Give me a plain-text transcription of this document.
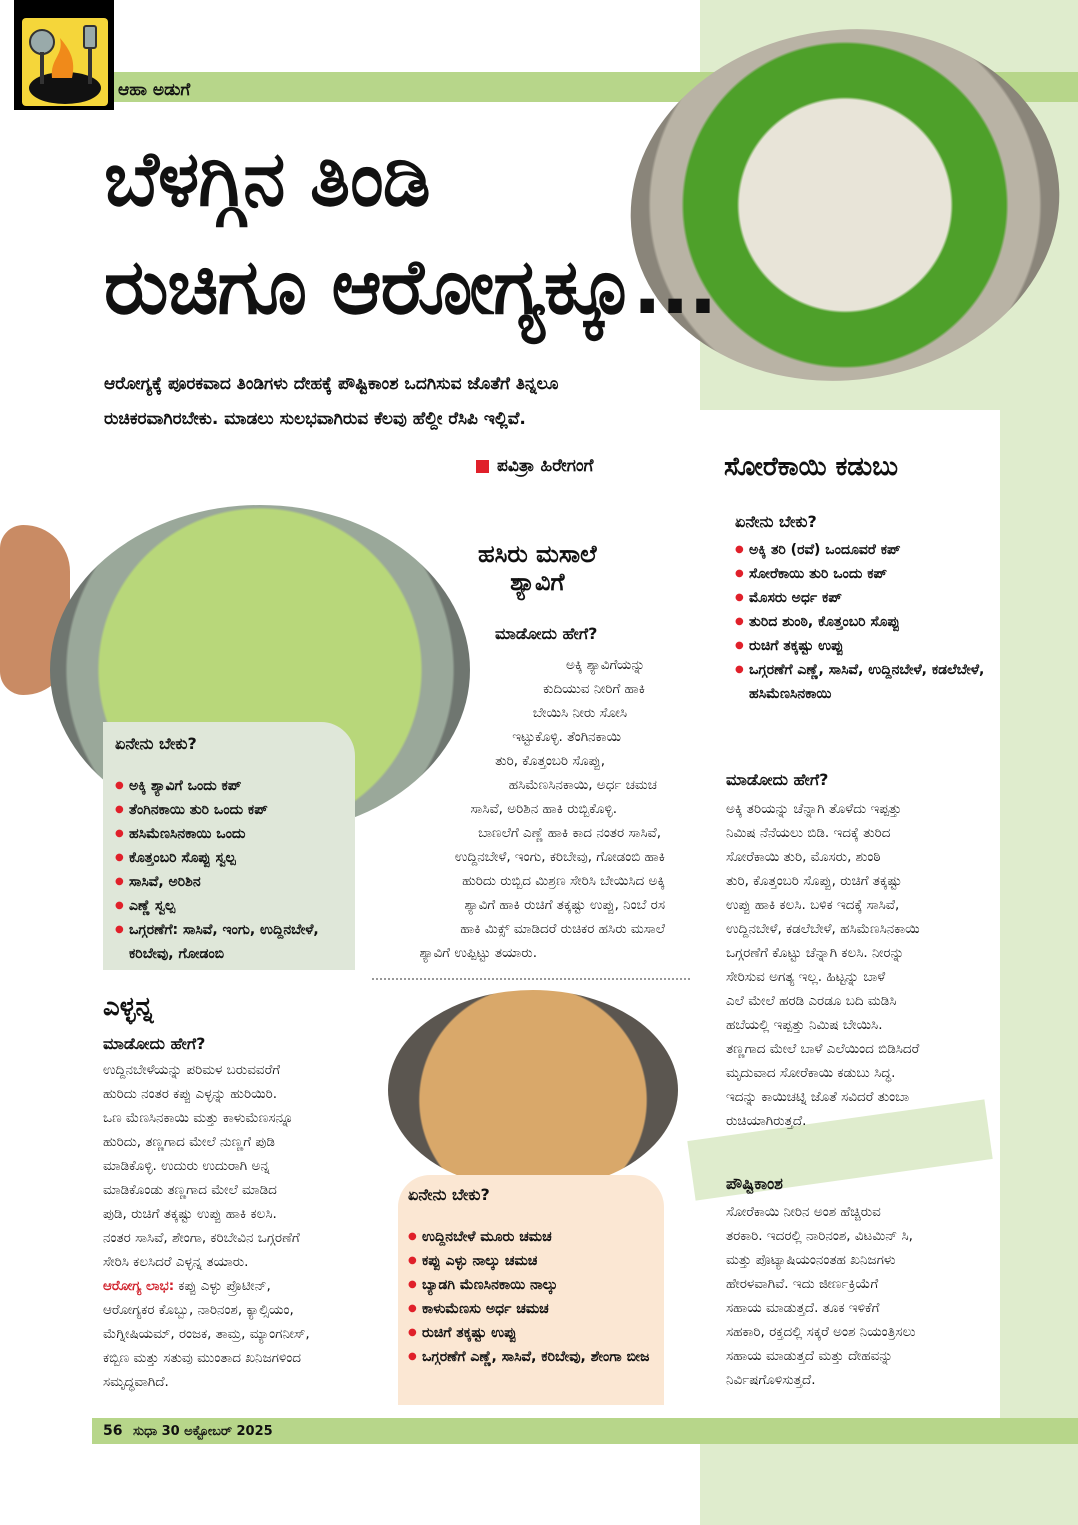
ಆಹಾ ಅಡುಗೆ
ಬೆಳಗ್ಗಿನ ತಿಂಡಿ
ರುಚಿಗೂ ಆರೋಗ್ಯಕ್ಕೂ...
ಆರೋಗ್ಯಕ್ಕೆ ಪೂರಕವಾದ ತಿಂಡಿಗಳು ದೇಹಕ್ಕೆ ಪೌಷ್ಟಿಕಾಂಶ ಒದಗಿಸುವ ಜೊತೆಗೆ ತಿನ್ನಲೂ ರುಚಿಕರವಾಗಿರಬೇಕು. ಮಾಡಲು ಸುಲಭವಾಗಿರುವ ಕೆಲವು ಹೆಲ್ದೀ ರೆಸಿಪಿ ಇಲ್ಲಿವೆ.
ಪವಿತ್ರಾ ಹಿರೇಗಂಗೆ
ಹಸಿರು ಮಸಾಲೆ
ಶ್ಯಾವಿಗೆ
ಮಾಡೋದು ಹೇಗೆ?
ಅಕ್ಕಿ ಶ್ಯಾವಿಗೆಯನ್ನು
ಕುದಿಯುವ ನೀರಿಗೆ ಹಾಕಿ
ಬೇಯಿಸಿ ನೀರು ಸೋಸಿ
ಇಟ್ಟುಕೊಳ್ಳಿ. ತೆಂಗಿನಕಾಯಿ
ತುರಿ, ಕೊತ್ತಂಬರಿ ಸೊಪ್ಪು,
ಹಸಿಮೆಣಸಿನಕಾಯಿ, ಅರ್ಧ ಚಮಚ
ಸಾಸಿವೆ, ಅರಿಶಿನ ಹಾಕಿ ರುಬ್ಬಿಕೊಳ್ಳಿ.
ಬಾಣಲೆಗೆ ಎಣ್ಣೆ ಹಾಕಿ ಕಾದ ನಂತರ ಸಾಸಿವೆ,
ಉದ್ದಿನಬೇಳೆ, ಇಂಗು, ಕರಿಬೇವು, ಗೋಡಂಬಿ ಹಾಕಿ
ಹುರಿದು ರುಬ್ಬಿದ ಮಿಶ್ರಣ ಸೇರಿಸಿ ಬೇಯಿಸಿದ ಅಕ್ಕಿ
ಶ್ಯಾವಿಗೆ ಹಾಕಿ ರುಚಿಗೆ ತಕ್ಕಷ್ಟು ಉಪ್ಪು, ನಿಂಬೆ ರಸ
ಹಾಕಿ ಮಿಕ್ಸ್ ಮಾಡಿದರೆ ರುಚಿಕರ ಹಸಿರು ಮಸಾಲೆ
ಶ್ಯಾವಿಗೆ ಉಪ್ಪಿಟ್ಟು ತಯಾರು.
ಏನೇನು ಬೇಕು?
● ಅಕ್ಕಿ ಶ್ಯಾವಿಗೆ ಒಂದು ಕಪ್
● ತೆಂಗಿನಕಾಯಿ ತುರಿ ಒಂದು ಕಪ್
● ಹಸಿಮೆಣಸಿನಕಾಯಿ ಒಂದು
● ಕೊತ್ತಂಬರಿ ಸೊಪ್ಪು ಸ್ವಲ್ಪ
● ಸಾಸಿವೆ, ಅರಿಶಿನ
● ಎಣ್ಣೆ ಸ್ವಲ್ಪ
● ಒಗ್ಗರಣೆಗೆ: ಸಾಸಿವೆ, ಇಂಗು, ಉದ್ದಿನಬೇಳೆ, ಕರಿಬೇವು, ಗೋಡಂಬಿ
ಎಳ್ಳನ್ನ
ಮಾಡೋದು ಹೇಗೆ?
ಉದ್ದಿನಬೇಳೆಯನ್ನು ಪರಿಮಳ ಬರುವವರೆಗೆ
ಹುರಿದು ನಂತರ ಕಪ್ಪು ಎಳ್ಳನ್ನು ಹುರಿಯಿರಿ.
ಒಣ ಮೆಣಸಿನಕಾಯಿ ಮತ್ತು ಕಾಳುಮೆಣಸನ್ನೂ
ಹುರಿದು, ತಣ್ಣಗಾದ ಮೇಲೆ ನುಣ್ಣಗೆ ಪುಡಿ
ಮಾಡಿಕೊಳ್ಳಿ. ಉದುರು ಉದುರಾಗಿ ಅನ್ನ
ಮಾಡಿಕೊಂಡು ತಣ್ಣಗಾದ ಮೇಲೆ ಮಾಡಿದ
ಪುಡಿ, ರುಚಿಗೆ ತಕ್ಕಷ್ಟು ಉಪ್ಪು ಹಾಕಿ ಕಲಸಿ.
ನಂತರ ಸಾಸಿವೆ, ಶೇಂಗಾ, ಕರಿಬೇವಿನ ಒಗ್ಗರಣೆಗೆ
ಸೇರಿಸಿ ಕಲಸಿದರೆ ಎಳ್ಳನ್ನ ತಯಾರು.
ಆರೋಗ್ಯ ಲಾಭ: ಕಪ್ಪು ಎಳ್ಳು ಪ್ರೊಟೀನ್,
ಆರೋಗ್ಯಕರ ಕೊಬ್ಬು, ನಾರಿನಂಶ, ಕ್ಯಾಲ್ಸಿಯಂ,
ಮೆಗ್ನೀಷಿಯಮ್, ರಂಜಕ, ತಾಮ್ರ, ಮ್ಯಾಂಗನೀಸ್,
ಕಬ್ಬಿಣ ಮತ್ತು ಸತುವು ಮುಂತಾದ ಖನಿಜಗಳಿಂದ
ಸಮೃದ್ಧವಾಗಿದೆ.
ಏನೇನು ಬೇಕು?
● ಉದ್ದಿನಬೇಳೆ ಮೂರು ಚಮಚ
● ಕಪ್ಪು ಎಳ್ಳು ನಾಲ್ಕು ಚಮಚ
● ಬ್ಯಾಡಗಿ ಮೆಣಸಿನಕಾಯಿ ನಾಲ್ಕು
● ಕಾಳುಮೆಣಸು ಅರ್ಧ ಚಮಚ
● ರುಚಿಗೆ ತಕ್ಕಷ್ಟು ಉಪ್ಪು
● ಒಗ್ಗರಣೆಗೆ ಎಣ್ಣೆ, ಸಾಸಿವೆ, ಕರಿಬೇವು, ಶೇಂಗಾ ಬೀಜ
ಸೋರೆಕಾಯಿ ಕಡುಬು
ಏನೇನು ಬೇಕು?
● ಅಕ್ಕಿ ತರಿ (ರವೆ) ಒಂದೂವರೆ ಕಪ್
● ಸೋರೆಕಾಯಿ ತುರಿ ಒಂದು ಕಪ್
● ಮೊಸರು ಅರ್ಧ ಕಪ್
● ತುರಿದ ಶುಂಠಿ, ಕೊತ್ತಂಬರಿ ಸೊಪ್ಪು
● ರುಚಿಗೆ ತಕ್ಕಷ್ಟು ಉಪ್ಪು
● ಒಗ್ಗರಣೆಗೆ ಎಣ್ಣೆ, ಸಾಸಿವೆ, ಉದ್ದಿನಬೇಳೆ, ಕಡಲೆಬೇಳೆ, ಹಸಿಮೆಣಸಿನಕಾಯಿ
ಮಾಡೋದು ಹೇಗೆ?
ಅಕ್ಕಿ ತರಿಯನ್ನು ಚೆನ್ನಾಗಿ ತೊಳೆದು ಇಪ್ಪತ್ತು
ನಿಮಿಷ ನೆನೆಯಲು ಬಿಡಿ. ಇದಕ್ಕೆ ತುರಿದ
ಸೋರೆಕಾಯಿ ತುರಿ, ಮೊಸರು, ಶುಂಠಿ
ತುರಿ, ಕೊತ್ತಂಬರಿ ಸೊಪ್ಪು, ರುಚಿಗೆ ತಕ್ಕಷ್ಟು
ಉಪ್ಪು ಹಾಕಿ ಕಲಸಿ. ಬಳಿಕ ಇದಕ್ಕೆ ಸಾಸಿವೆ,
ಉದ್ದಿನಬೇಳೆ, ಕಡಲೆಬೇಳೆ, ಹಸಿಮೆಣಸಿನಕಾಯಿ
ಒಗ್ಗರಣೆಗೆ ಕೊಟ್ಟು ಚೆನ್ನಾಗಿ ಕಲಸಿ. ನೀರನ್ನು
ಸೇರಿಸುವ ಅಗತ್ಯ ಇಲ್ಲ. ಹಿಟ್ಟನ್ನು ಬಾಳೆ
ಎಲೆ ಮೇಲೆ ಹರಡಿ ಎರಡೂ ಬದಿ ಮಡಿಸಿ
ಹಬೆಯಲ್ಲಿ ಇಪ್ಪತ್ತು ನಿಮಿಷ ಬೇಯಿಸಿ.
ತಣ್ಣಗಾದ ಮೇಲೆ ಬಾಳೆ ಎಲೆಯಿಂದ ಬಿಡಿಸಿದರೆ
ಮೃದುವಾದ ಸೋರೆಕಾಯಿ ಕಡುಬು ಸಿದ್ಧ.
ಇದನ್ನು ಕಾಯಿಚಟ್ನಿ ಜೊತೆ ಸವಿದರೆ ತುಂಬಾ
ರುಚಿಯಾಗಿರುತ್ತದೆ.
ಪೌಷ್ಟಿಕಾಂಶ
ಸೋರೆಕಾಯಿ ನೀರಿನ ಅಂಶ ಹೆಚ್ಚಿರುವ
ತರಕಾರಿ. ಇದರಲ್ಲಿ ನಾರಿನಂಶ, ವಿಟಮಿನ್ ಸಿ,
ಮತ್ತು ಪೊಟ್ಯಾಷಿಯಂನಂತಹ ಖನಿಜಗಳು
ಹೇರಳವಾಗಿವೆ. ಇದು ಜೀರ್ಣಕ್ರಿಯೆಗೆ
ಸಹಾಯ ಮಾಡುತ್ತದೆ. ತೂಕ ಇಳಿಕೆಗೆ
ಸಹಕಾರಿ, ರಕ್ತದಲ್ಲಿ ಸಕ್ಕರೆ ಅಂಶ ನಿಯಂತ್ರಿಸಲು
ಸಹಾಯ ಮಾಡುತ್ತದೆ ಮತ್ತು ದೇಹವನ್ನು
ನಿರ್ವಿಷಗೊಳಿಸುತ್ತದೆ.
56 ಸುಧಾ 30 ಅಕ್ಟೋಬರ್ 2025
